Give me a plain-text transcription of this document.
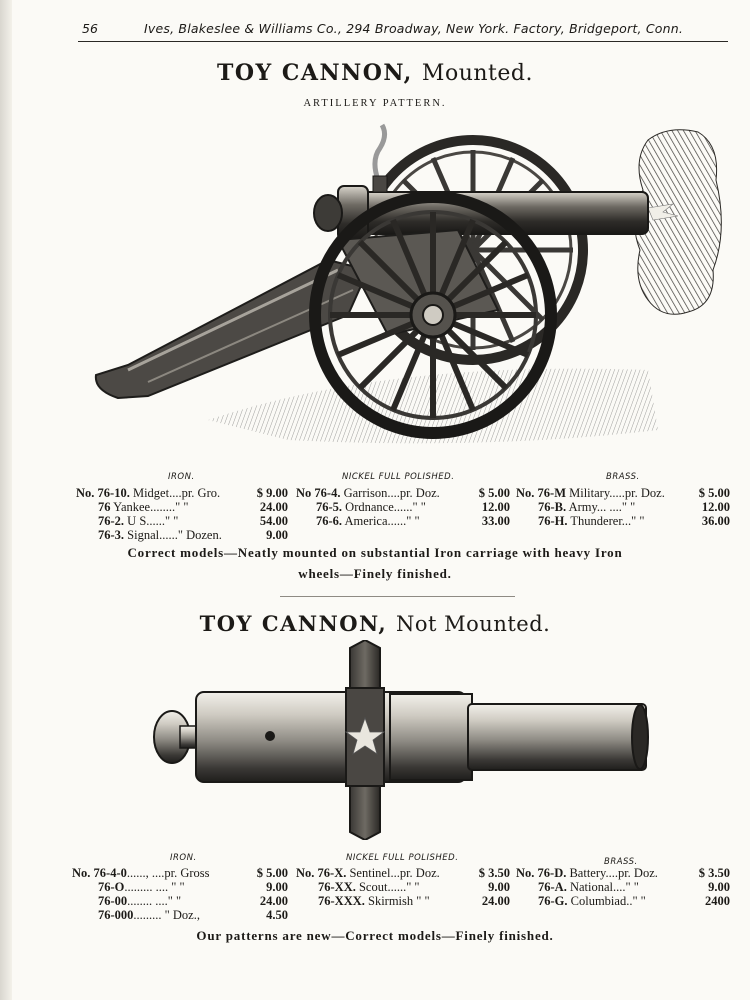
56	Ives, Blakeslee & Williams Co., 294 Broadway, New York. Factory, Bridgeport, Conn.
TOY CANNON, Mounted.
ARTILLERY PATTERN.
IRON.	NICKEL FULL POLISHED.	BRASS.
No. 76-10. Midget....pr. Gro.	$ 9.00
76 Yankee........" "	24.00
76-2. U S......" "	54.00
76-3. Signal......" Dozen.	9.00
No 76-4. Garrison....pr. Doz.	$ 5.00
76-5. Ordnance......" "	12.00
76-6. America......" "	33.00
No. 76-M Military.....pr. Doz.	$ 5.00
76-B. Army... ...." "	12.00
76-H. Thunderer..." "	36.00
Correct models—Neatly mounted on substantial Iron carriage with heavy Iron
wheels—Finely finished.
TOY CANNON, Not Mounted.
IRON.	NICKEL FULL POLISHED.	BRASS.
No. 76-4-0......, ....pr. Gross	$ 5.00
76-O......... .... " "	9.00
76-00........ ...." "	24.00
76-000......... " Doz.,	4.50
No. 76-X. Sentinel...pr. Doz.	$ 3.50
76-XX. Scout......" "	9.00
76-XXX. Skirmish " "	24.00
No. 76-D. Battery....pr. Doz.	$ 3.50
76-A. National...." "	9.00
76-G. Columbiad.." "	2400
Our patterns are new—Correct models—Finely finished.
